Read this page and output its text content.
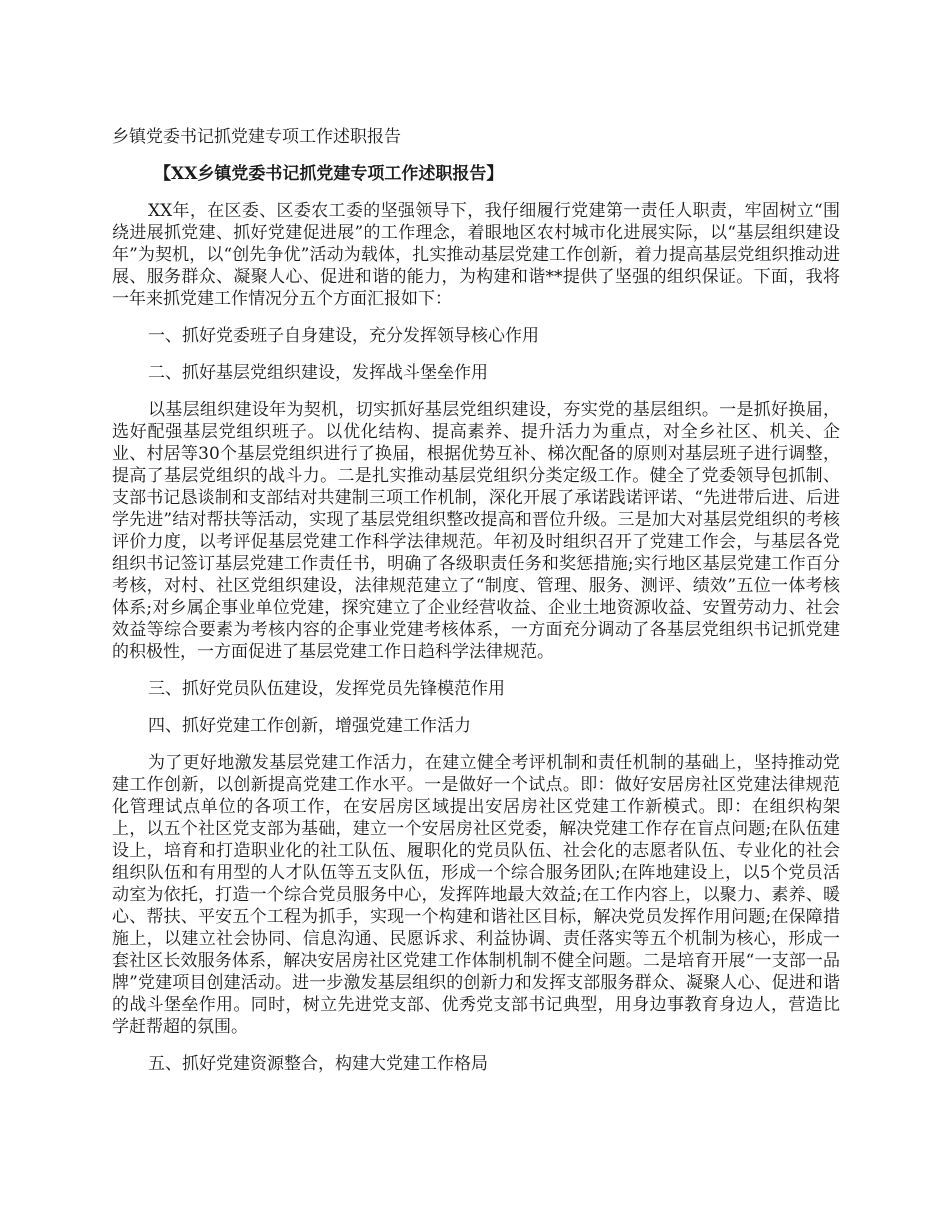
乡镇党委书记抓党建专项工作述职报告

【XX乡镇党委书记抓党建专项工作述职报告】

XX年，在区委、区委农工委的坚强领导下，我仔细履行党建第一责任人职责，牢固树立“围绕进展抓党建、抓好党建促进展”的工作理念，着眼地区农村城市化进展实际，以“基层组织建设年”为契机，以“创先争优”活动为载体，扎实推动基层党建工作创新，着力提高基层党组织推动进展、服务群众、凝聚人心、促进和谐的能力，为构建和谐**提供了坚强的组织保证。下面，我将一年来抓党建工作情况分五个方面汇报如下：

一、抓好党委班子自身建设，充分发挥领导核心作用

二、抓好基层党组织建设，发挥战斗堡垒作用

以基层组织建设年为契机，切实抓好基层党组织建设，夯实党的基层组织。一是抓好换届，选好配强基层党组织班子。以优化结构、提高素养、提升活力为重点，对全乡社区、机关、企业、村居等30个基层党组织进行了换届，根据优势互补、梯次配备的原则对基层班子进行调整，提高了基层党组织的战斗力。二是扎实推动基层党组织分类定级工作。健全了党委领导包抓制、支部书记恳谈制和支部结对共建制三项工作机制，深化开展了承诺践诺评诺、“先进带后进、后进学先进”结对帮扶等活动，实现了基层党组织整改提高和晋位升级。三是加大对基层党组织的考核评价力度，以考评促基层党建工作科学法律规范。年初及时组织召开了党建工作会，与基层各党组织书记签订基层党建工作责任书，明确了各级职责任务和奖惩措施;实行地区基层党建工作百分考核，对村、社区党组织建设，法律规范建立了“制度、管理、服务、测评、绩效”五位一体考核体系;对乡属企事业单位党建，探究建立了企业经营收益、企业土地资源收益、安置劳动力、社会效益等综合要素为考核内容的企事业党建考核体系，一方面充分调动了各基层党组织书记抓党建的积极性，一方面促进了基层党建工作日趋科学法律规范。

三、抓好党员队伍建设，发挥党员先锋模范作用

四、抓好党建工作创新，增强党建工作活力

为了更好地激发基层党建工作活力，在建立健全考评机制和责任机制的基础上，坚持推动党建工作创新，以创新提高党建工作水平。一是做好一个试点。即：做好安居房社区党建法律规范化管理试点单位的各项工作，在安居房区域提出安居房社区党建工作新模式。即：在组织构架上，以五个社区党支部为基础，建立一个安居房社区党委，解决党建工作存在盲点问题;在队伍建设上，培育和打造职业化的社工队伍、履职化的党员队伍、社会化的志愿者队伍、专业化的社会组织队伍和有用型的人才队伍等五支队伍，形成一个综合服务团队;在阵地建设上，以5个党员活动室为依托，打造一个综合党员服务中心，发挥阵地最大效益;在工作内容上，以聚力、素养、暖心、帮扶、平安五个工程为抓手，实现一个构建和谐社区目标，解决党员发挥作用问题;在保障措施上，以建立社会协同、信息沟通、民愿诉求、利益协调、责任落实等五个机制为核心，形成一套社区长效服务体系，解决安居房社区党建工作体制机制不健全问题。二是培育开展“一支部一品牌”党建项目创建活动。进一步激发基层组织的创新力和发挥支部服务群众、凝聚人心、促进和谐的战斗堡垒作用。同时，树立先进党支部、优秀党支部书记典型，用身边事教育身边人，营造比学赶帮超的氛围。

五、抓好党建资源整合，构建大党建工作格局
